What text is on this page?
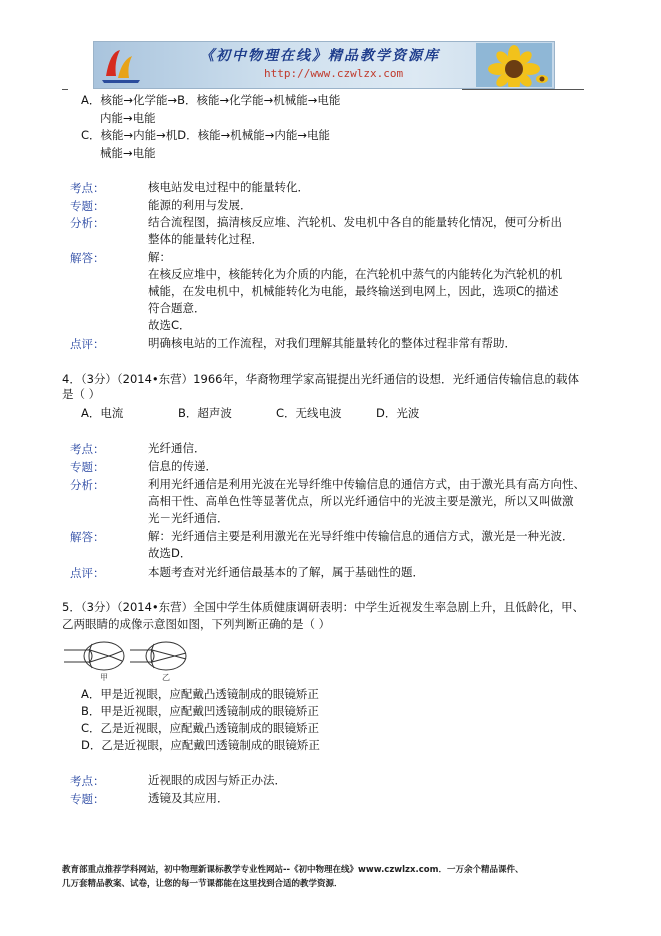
《初中物理在线》精品教学资源库
http://www.czwlzx.com
A．核能→化学能→B．核能→化学能→机械能→电能
内能→电能
C．核能→内能→机D．核能→机械能→内能→电能
械能→电能
考点：	核电站发电过程中的能量转化．
专题：	能源的利用与发展．
分析：	结合流程图，搞清核反应堆、汽轮机、发电机中各自的能量转化情况，便可分析出
整体的能量转化过程．
解答：	解：
在核反应堆中，核能转化为介质的内能，在汽轮机中蒸气的内能转化为汽轮机的机
械能，在发电机中，机械能转化为电能，最终输送到电网上，因此，选项C的描述
符合题意．
故选C．
点评：	明确核电站的工作流程，对我们理解其能量转化的整体过程非常有帮助．
4．（3分）（2014•东营）1966年，华裔物理学家高锟提出光纤通信的设想．光纤通信传输信息的载体
是（ ）
A．电流	B．超声波	C．无线电波	D．光波
考点：	光纤通信．
专题：	信息的传递．
分析：	利用光纤通信是利用光波在光导纤维中传输信息的通信方式，由于激光具有高方向性、
高相干性、高单色性等显著优点，所以光纤通信中的光波主要是激光，所以又叫做激
光－光纤通信．
解答：	解：光纤通信主要是利用激光在光导纤维中传输信息的通信方式，激光是一种光波．
故选D．
点评：	本题考查对光纤通信最基本的了解，属于基础性的题．
5．（3分）（2014•东营）全国中学生体质健康调研表明：中学生近视发生率急剧上升，且低龄化，甲、
乙两眼睛的成像示意图如图，下列判断正确的是（ ）
甲	乙
A．甲是近视眼，应配戴凸透镜制成的眼镜矫正
B．甲是近视眼，应配戴凹透镜制成的眼镜矫正
C．乙是近视眼，应配戴凸透镜制成的眼镜矫正
D．乙是近视眼，应配戴凹透镜制成的眼镜矫正
考点：	近视眼的成因与矫正办法．
专题：	透镜及其应用．
教育部重点推荐学科网站，初中物理新课标教学专业性网站--《初中物理在线》www.czwlzx.com．一万余个精品课件、
几万套精品教案、试卷，让您的每一节课都能在这里找到合适的教学资源．
